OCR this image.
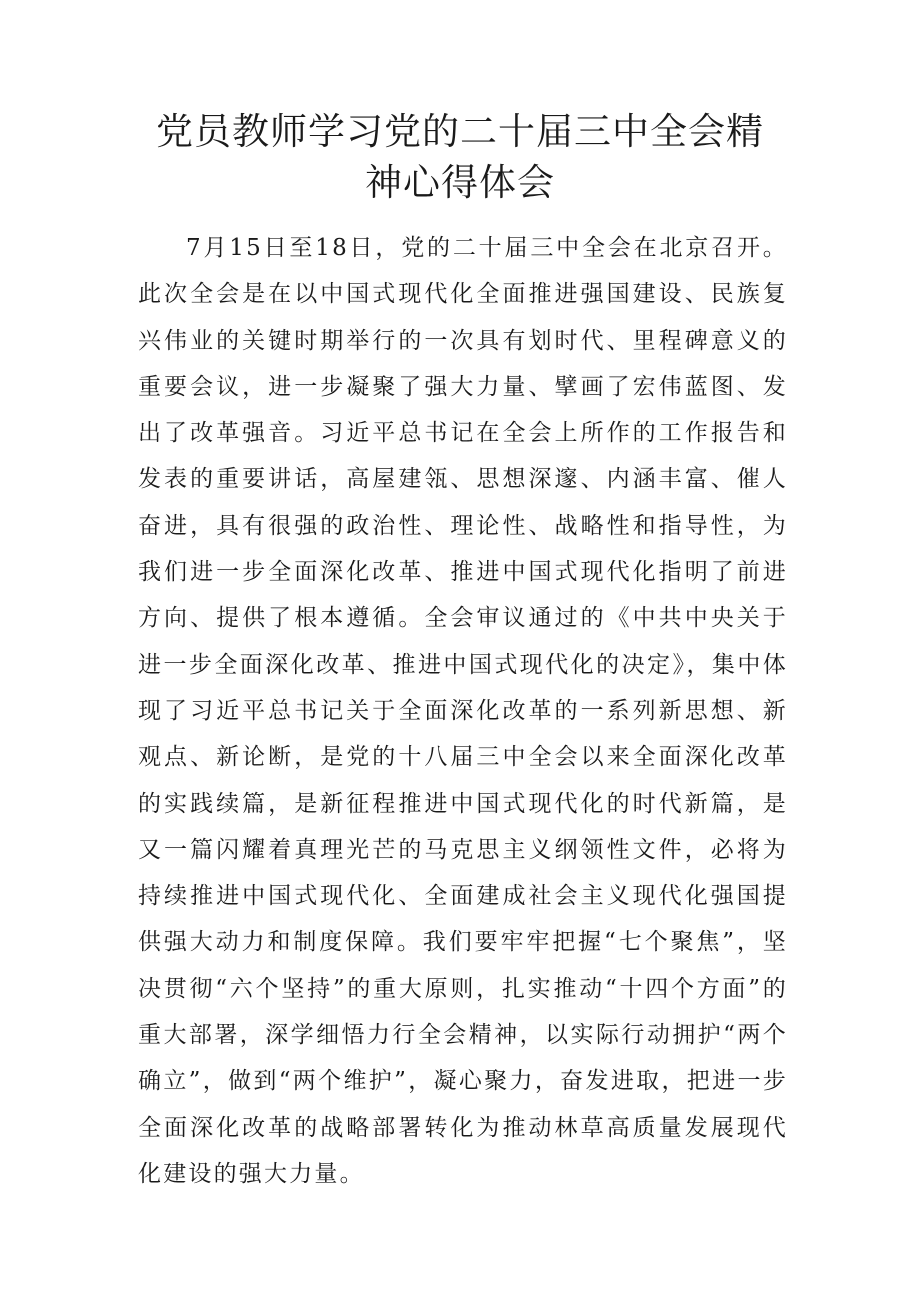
党员教师学习党的二十届三中全会精神心得体会

7月15日至18日，党的二十届三中全会在北京召开。此次全会是在以中国式现代化全面推进强国建设、民族复兴伟业的关键时期举行的一次具有划时代、里程碑意义的重要会议，进一步凝聚了强大力量、擘画了宏伟蓝图、发出了改革强音。习近平总书记在全会上所作的工作报告和发表的重要讲话，高屋建瓴、思想深邃、内涵丰富、催人奋进，具有很强的政治性、理论性、战略性和指导性，为我们进一步全面深化改革、推进中国式现代化指明了前进方向、提供了根本遵循。全会审议通过的《中共中央关于进一步全面深化改革、推进中国式现代化的决定》，集中体现了习近平总书记关于全面深化改革的一系列新思想、新观点、新论断，是党的十八届三中全会以来全面深化改革的实践续篇，是新征程推进中国式现代化的时代新篇，是又一篇闪耀着真理光芒的马克思主义纲领性文件，必将为持续推进中国式现代化、全面建成社会主义现代化强国提供强大动力和制度保障。我们要牢牢把握“七个聚焦”，坚决贯彻“六个坚持”的重大原则，扎实推动“十四个方面”的重大部署，深学细悟力行全会精神，以实际行动拥护“两个确立”，做到“两个维护”，凝心聚力，奋发进取，把进一步全面深化改革的战略部署转化为推动林草高质量发展现代化建设的强大力量。
